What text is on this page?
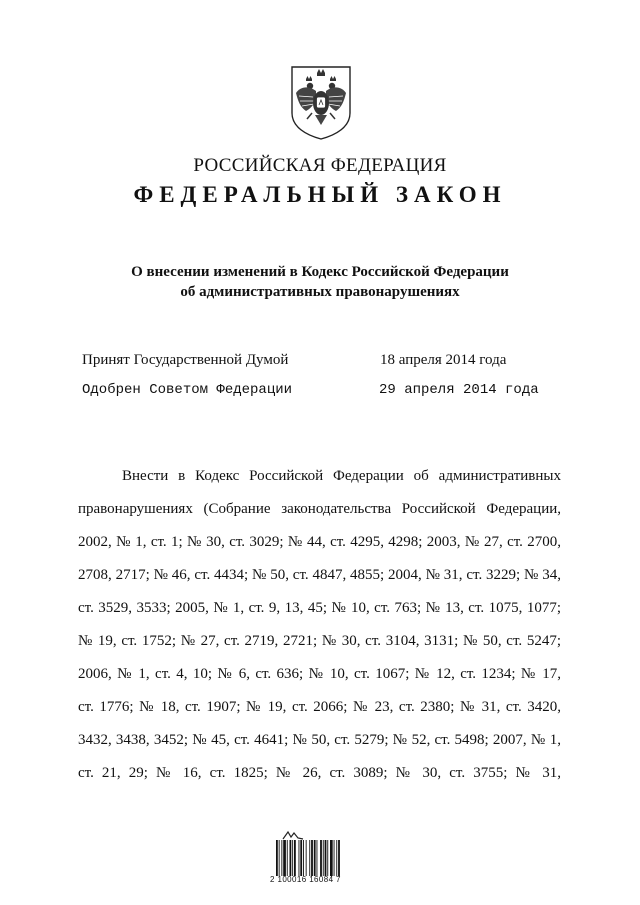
РОССИЙСКАЯ ФЕДЕРАЦИЯ
ФЕДЕРАЛЬНЫЙ ЗАКОН
О внесении изменений в Кодекс Российской Федерации
об административных правонарушениях
Принят Государственной Думой	18 апреля 2014 года
Одобрен Советом Федерации	29 апреля 2014 года
Внести в Кодекс Российской Федерации об административных
правонарушениях (Собрание законодательства Российской Федерации,
2002, № 1, ст. 1; № 30, ст. 3029; № 44, ст. 4295, 4298; 2003, № 27, ст. 2700,
2708, 2717; № 46, ст. 4434; № 50, ст. 4847, 4855; 2004, № 31, ст. 3229; № 34,
ст. 3529, 3533; 2005, № 1, ст. 9, 13, 45; № 10, ст. 763; № 13, ст. 1075, 1077;
№ 19, ст. 1752; № 27, ст. 2719, 2721; № 30, ст. 3104, 3131; № 50, ст. 5247;
2006, № 1, ст. 4, 10; № 6, ст. 636; № 10, ст. 1067; № 12, ст. 1234; № 17,
ст. 1776; № 18, ст. 1907; № 19, ст. 2066; № 23, ст. 2380; № 31, ст. 3420,
3432, 3438, 3452; № 45, ст. 4641; № 50, ст. 5279; № 52, ст. 5498; 2007, № 1,
ст. 21, 29; № 16, ст. 1825; № 26, ст. 3089; № 30, ст. 3755; № 31,
2 100016 16084 7
